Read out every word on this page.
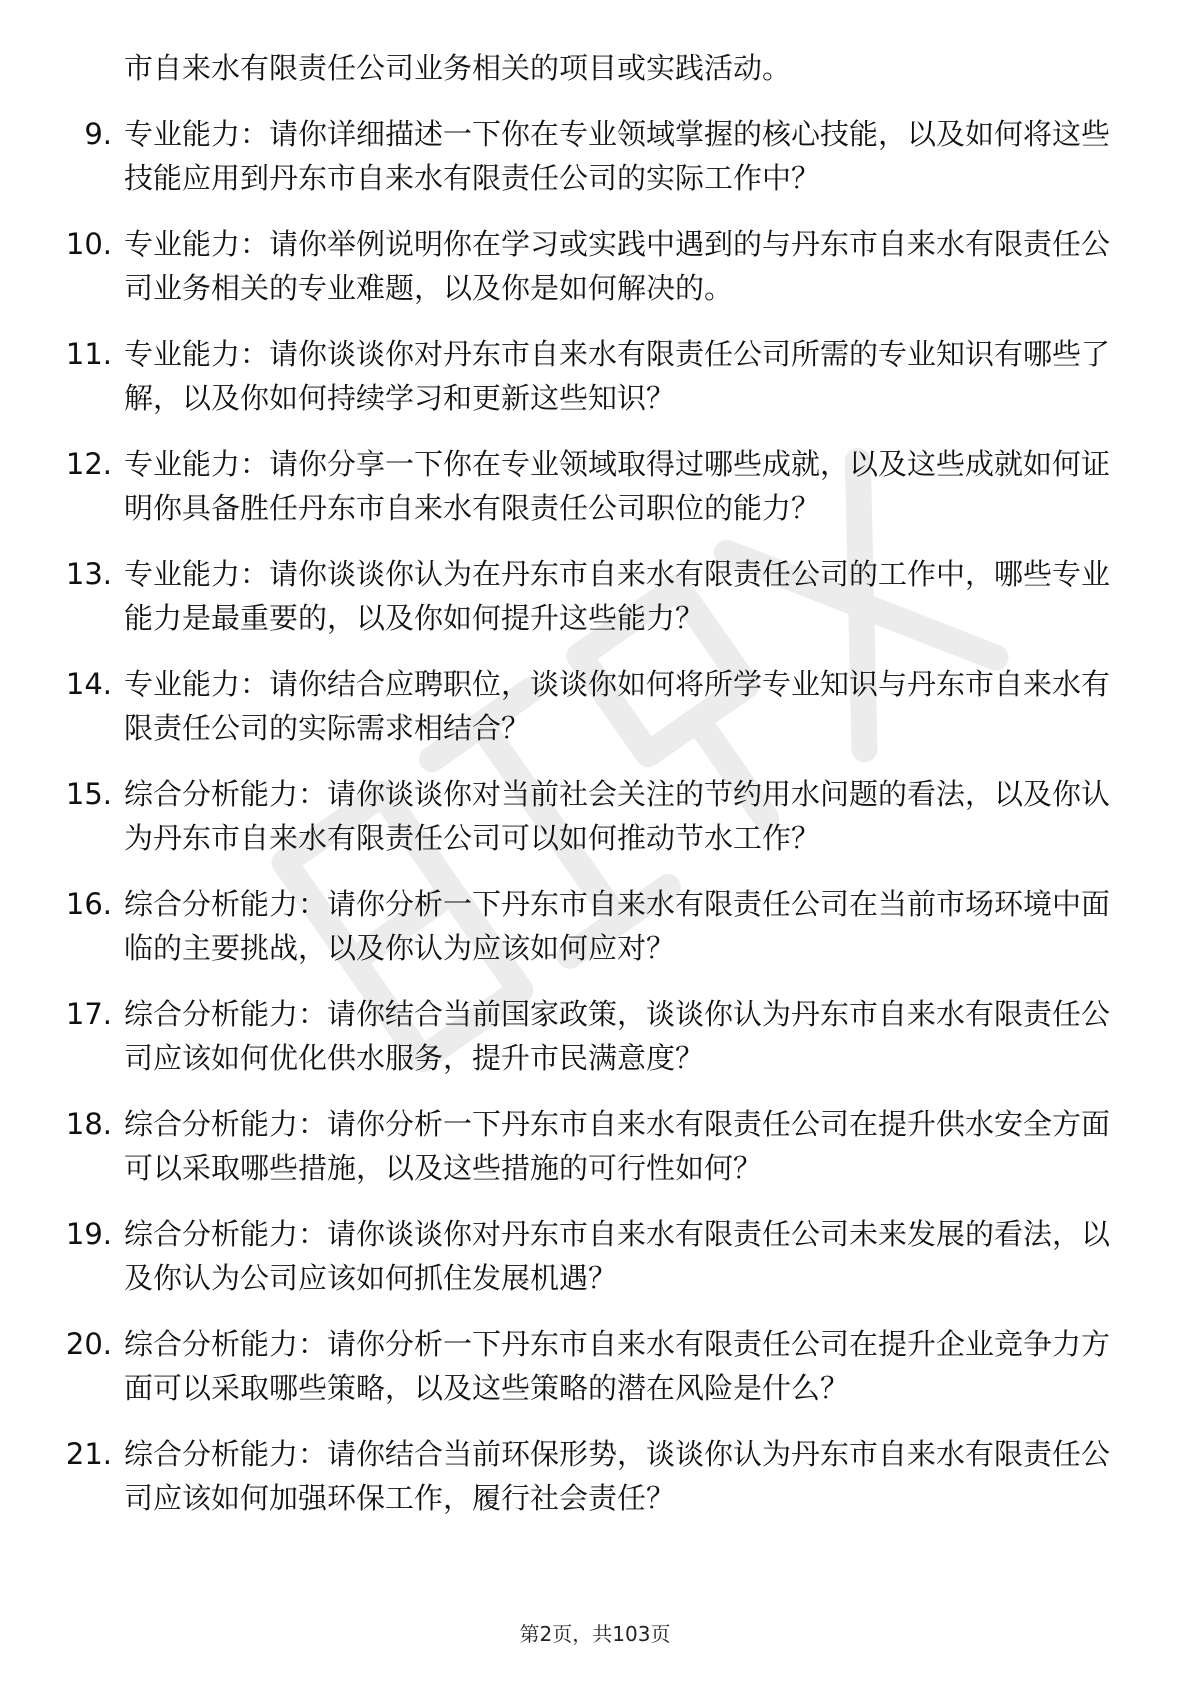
市自来水有限责任公司业务相关的项目或实践活动。
9. 专业能力：请你详细描述一下你在专业领域掌握的核心技能，以及如何将这些技能应用到丹东市自来水有限责任公司的实际工作中？
10. 专业能力：请你举例说明你在学习或实践中遇到的与丹东市自来水有限责任公司业务相关的专业难题，以及你是如何解决的。
11. 专业能力：请你谈谈你对丹东市自来水有限责任公司所需的专业知识有哪些了解，以及你如何持续学习和更新这些知识？
12. 专业能力：请你分享一下你在专业领域取得过哪些成就，以及这些成就如何证明你具备胜任丹东市自来水有限责任公司职位的能力？
13. 专业能力：请你谈谈你认为在丹东市自来水有限责任公司的工作中，哪些专业能力是最重要的，以及你如何提升这些能力？
14. 专业能力：请你结合应聘职位，谈谈你如何将所学专业知识与丹东市自来水有限责任公司的实际需求相结合？
15. 综合分析能力：请你谈谈你对当前社会关注的节约用水问题的看法，以及你认为丹东市自来水有限责任公司可以如何推动节水工作？
16. 综合分析能力：请你分析一下丹东市自来水有限责任公司在当前市场环境中面临的主要挑战，以及你认为应该如何应对？
17. 综合分析能力：请你结合当前国家政策，谈谈你认为丹东市自来水有限责任公司应该如何优化供水服务，提升市民满意度？
18. 综合分析能力：请你分析一下丹东市自来水有限责任公司在提升供水安全方面可以采取哪些措施，以及这些措施的可行性如何？
19. 综合分析能力：请你谈谈你对丹东市自来水有限责任公司未来发展的看法，以及你认为公司应该如何抓住发展机遇？
20. 综合分析能力：请你分析一下丹东市自来水有限责任公司在提升企业竞争力方面可以采取哪些策略，以及这些策略的潜在风险是什么？
21. 综合分析能力：请你结合当前环保形势，谈谈你认为丹东市自来水有限责任公司应该如何加强环保工作，履行社会责任？
第2页，共103页
